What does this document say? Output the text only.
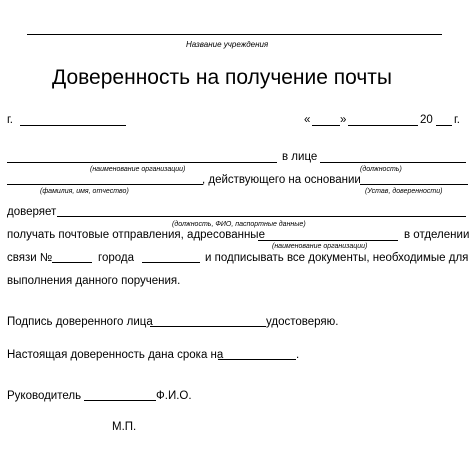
Название учреждения
Доверенность на получение почты
г.	«	»	20 г.
в лице
(наименование организации)	(должность)
, действующего на основании
(фамилия, имя, отчество)	(Устав, доверенности)
доверяет
(должность, ФИО, паспортные данные)
получать почтовые отправления, адресованные	в отделении
(наименование организации)
связи №	города	и подписывать все документы, необходимые для
выполнения данного поручения.
Подпись доверенного лица	удостоверяю.
Настоящая доверенность дана срока на	.
Руководитель	Ф.И.О.
М.П.
